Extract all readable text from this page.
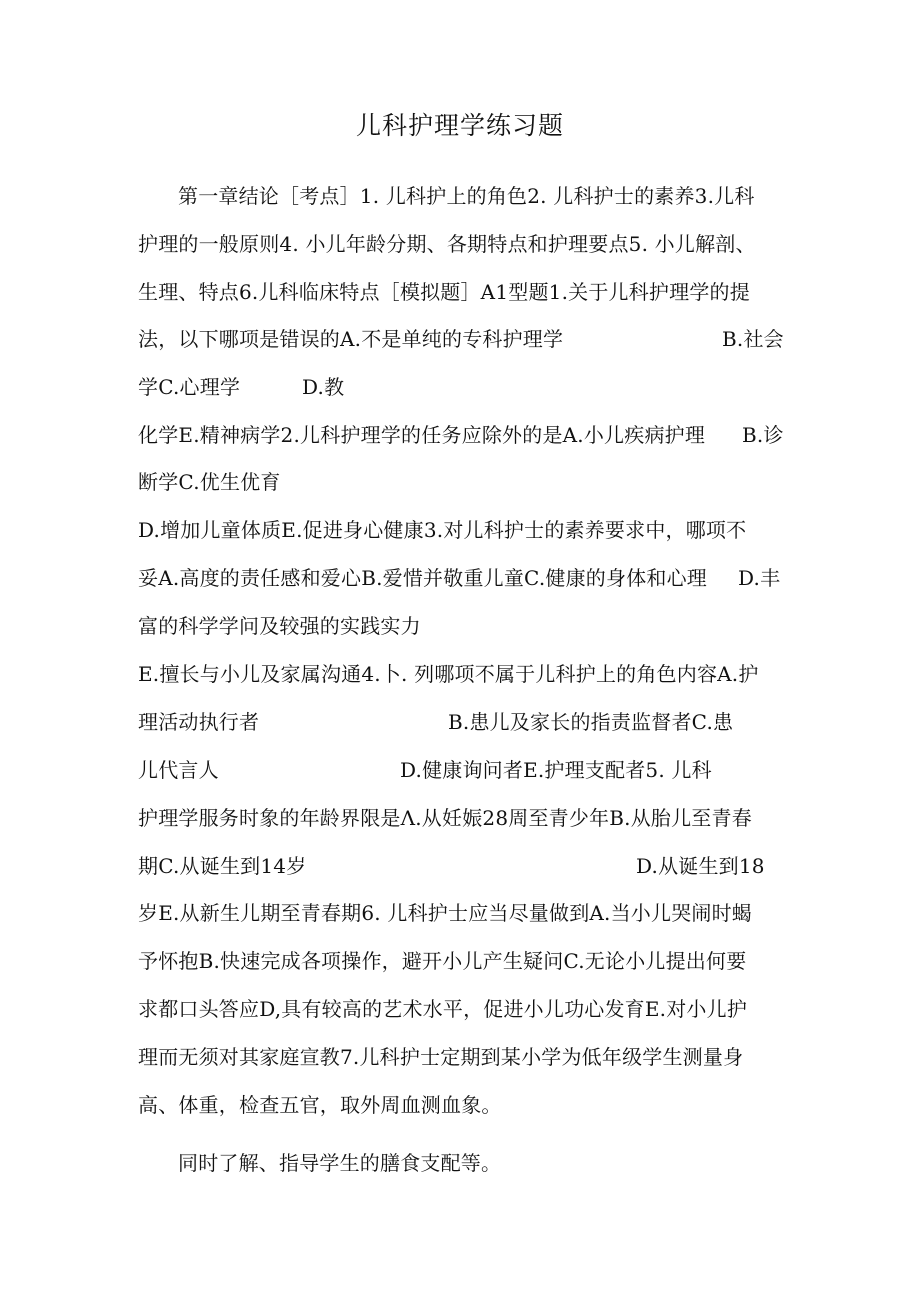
儿科护理学练习题
第一章结论［考点］1. 儿科护上的角色2. 儿科护士的素养3.儿科
护理的一般原则4. 小儿年龄分期、各期特点和护理要点5. 小儿解剖、
生理、特点6.儿科临床特点［模拟题］A1型题1.关于儿科护理学的提
法，以下哪项是错误的A.不是单纯的专科护理学	B.社会
学C.心理学	D.教
化学E.精神病学2.儿科护理学的任务应除外的是A.小儿疾病护理 B.诊
断学C.优生优育
D.增加儿童体质E.促进身心健康3.对儿科护士的素养要求中，哪项不
妥A.高度的责任感和爱心B.爱惜并敬重儿童C.健康的身体和心理 D.丰
富的科学学问及较强的实践实力
E.擅长与小儿及家属沟通4.卜. 列哪项不属于儿科护上的角色内容A.护
理活动执行者	B.患儿及家长的指责监督者C.患
儿代言人	D.健康询问者E.护理支配者5. 儿科
护理学服务时象的年龄界限是Λ.从妊娠28周至青少年B.从胎儿至青春
期C.从诞生到14岁	D.从诞生到18
岁E.从新生儿期至青春期6. 儿科护士应当尽量做到A.当小儿哭闹时蝎
予怀抱B.快速完成各项操作，避开小儿产生疑问C.无论小儿提出何要
求都口头答应D,具有较高的艺术水平，促进小儿功心发育E.对小儿护
理而无须对其家庭宣教7.儿科护士定期到某小学为低年级学生测量身
高、体重，检查五官，取外周血测血象。
同时了解、指导学生的膳食支配等。
